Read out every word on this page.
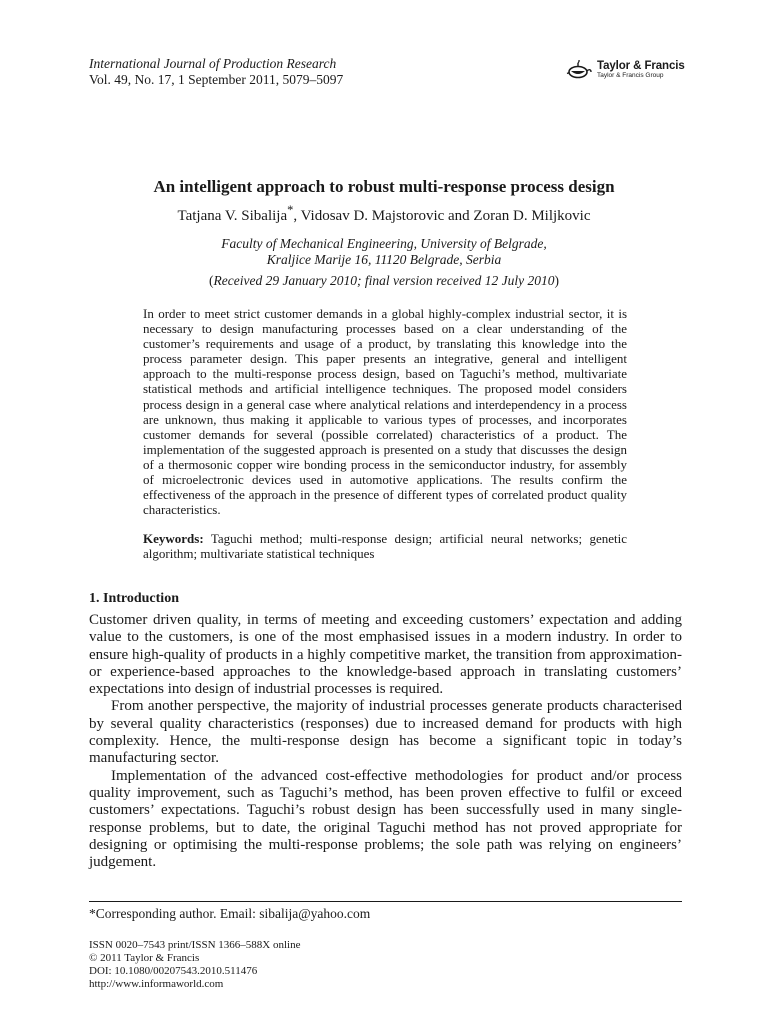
International Journal of Production Research
Vol. 49, No. 17, 1 September 2011, 5079–5097
Taylor & Francis
Taylor & Francis Group
An intelligent approach to robust multi-response process design
Tatjana V. Sibalija*, Vidosav D. Majstorovic and Zoran D. Miljkovic
Faculty of Mechanical Engineering, University of Belgrade,
Kraljice Marije 16, 11120 Belgrade, Serbia
(Received 29 January 2010; final version received 12 July 2010)
In order to meet strict customer demands in a global highly-complex industrial sector, it is necessary to design manufacturing processes based on a clear understanding of the customer’s requirements and usage of a product, by translating this knowledge into the process parameter design. This paper presents an integrative, general and intelligent approach to the multi-response process design, based on Taguchi’s method, multivariate statistical methods and artificial intelligence techniques. The proposed model considers process design in a general case where analytical relations and interdependency in a process are unknown, thus making it applicable to various types of processes, and incorporates customer demands for several (possible correlated) characteristics of a product. The implementation of the suggested approach is presented on a study that discusses the design of a thermosonic copper wire bonding process in the semiconductor industry, for assembly of microelectronic devices used in automotive applications. The results confirm the effectiveness of the approach in the presence of different types of correlated product quality characteristics.
Keywords: Taguchi method; multi-response design; artificial neural networks; genetic algorithm; multivariate statistical techniques
1. Introduction

Customer driven quality, in terms of meeting and exceeding customers’ expectation and adding value to the customers, is one of the most emphasised issues in a modern industry. In order to ensure high-quality of products in a highly competitive market, the transition from approximation- or experience-based approaches to the knowledge-based approach in translating customers’ expectations into design of industrial processes is required.

From another perspective, the majority of industrial processes generate products characterised by several quality characteristics (responses) due to increased demand for products with high complexity. Hence, the multi-response design has become a significant topic in today’s manufacturing sector.

Implementation of the advanced cost-effective methodologies for product and/or process quality improvement, such as Taguchi’s method, has been proven effective to fulfil or exceed customers’ expectations. Taguchi’s robust design has been successfully used in many single-response problems, but to date, the original Taguchi method has not proved appropriate for designing or optimising the multi-response problems; the sole path was relying on engineers’ judgement.

*Corresponding author. Email: sibalija@yahoo.com
ISSN 0020–7543 print/ISSN 1366–588X online
© 2011 Taylor & Francis
DOI: 10.1080/00207543.2010.511476
http://www.informaworld.com
